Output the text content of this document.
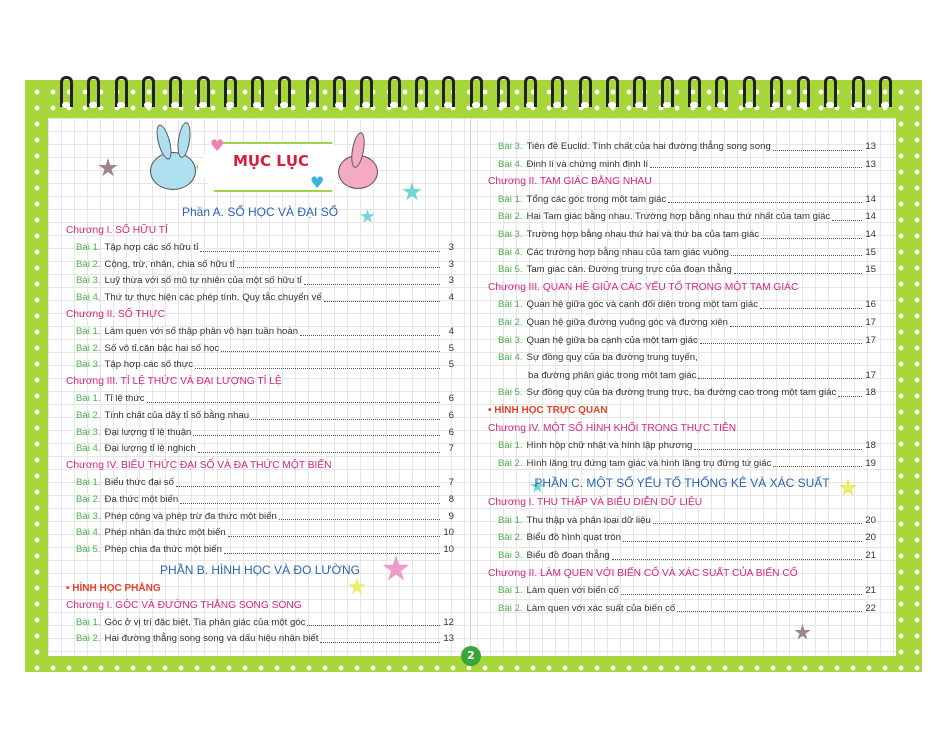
MỤC LỤC
♥
♥
Phần A. SỐ HỌC VÀ ĐẠI SỐ
Chương I. SỐ HỮU TỈ
Bài 1. Tập hợp các số hữu tỉ	3
Bài 2. Cộng, trừ, nhân, chia số hữu tỉ	3
Bài 3. Luỹ thừa với số mũ tự nhiên của một số hữu tỉ	3
Bài 4. Thứ tự thực hiện các phép tính. Quy tắc chuyển vế	4
Chương II. SỐ THỰC
Bài 1. Làm quen với số thập phân vô hạn tuần hoàn	4
Bài 2. Số vô tỉ.căn bậc hai số học	5
Bài 3. Tập hợp các số thực	5
Chương III. TỈ LỆ THỨC VÀ ĐẠI LƯỢNG TỈ LỆ
Bài 1. Tỉ lệ thức	6
Bài 2. Tính chất của dãy tỉ số bằng nhau	6
Bài 3. Đại lượng tỉ lệ thuận	6
Bài 4. Đại lượng tỉ lệ nghịch	7
Chương IV. BIỂU THỨC ĐẠI SỐ VÀ ĐA THỨC MỘT BIẾN
Bài 1. Biểu thức đại số	7
Bài 2. Đa thức một biến	8
Bài 3. Phép cộng và phép trừ đa thức một biến	9
Bài 4. Phép nhân đa thức một biến	10
Bài 5. Phép chia đa thức một biến	10
PHẦN B. HÌNH HỌC VÀ ĐO LƯỜNG
• HÌNH HỌC PHẲNG
Chương I. GÓC VÀ ĐƯỜNG THẲNG SONG SONG
Bài 1. Góc ở vị trí đặc biệt. Tia phân giác của một góc	12
Bài 2. Hai đường thẳng song song và dấu hiệu nhận biết	13
Bài 3. Tiên đề Euclid. Tính chất của hai đường thẳng song song	13
Bài 4. Định lí và chứng minh định lí	13
Chương II. TAM GIÁC BẰNG NHAU
Bài 1. Tổng các góc trong một tam giác	14
Bài 2. Hai Tam giác bằng nhau. Trường hợp bằng nhau thứ nhất của tam giác	14
Bài 3. Trường hợp bằng nhau thứ hai và thứ ba của tam giác	14
Bài 4. Các trường hợp bằng nhau của tam giác vuông	15
Bài 5. Tam giác cân. Đường trung trực của đoạn thẳng	15
Chương III. QUAN HỆ GIỮA CÁC YẾU TỐ TRONG MỘT TAM GIÁC
Bài 1. Quan hệ giữa góc và cạnh đối diện trong một tam giác	16
Bài 2. Quan hệ giữa đường vuông góc và đường xiên	17
Bài 3. Quan hệ giữa ba cạnh của một tam giác	17
Bài 4. Sự đồng quy của ba đường trung tuyến,
ba đường phân giác trong một tam giác	17
Bài 5. Sự đồng quy của ba đường trung trực, ba đường cao trong một tam giác	18
• HÌNH HỌC TRỰC QUAN
Chương IV. MỘT SỐ HÌNH KHỐI TRONG THỰC TIỄN
Bài 1. Hình hộp chữ nhật và hình lập phương	18
Bài 2. Hình lăng trụ đứng tam giác và hình lăng trụ đứng tứ giác	19
PHẦN C. MỘT SỐ YẾU TỐ THỐNG KÊ VÀ XÁC SUẤT
Chương I. THU THẬP VÀ BIỂU DIỄN DỮ LIỆU
Bài 1. Thu thập và phân loại dữ liệu	20
Bài 2. Biểu đồ hình quạt tròn	20
Bài 3. Biểu đồ đoạn thẳng	21
Chương II. LÀM QUEN VỚI BIẾN CỐ VÀ XÁC SUẤT CỦA BIẾN CỐ
Bài 1. Làm quen với biến cố	21
Bài 2. Làm quen với xác suất của biến cố	22
2
